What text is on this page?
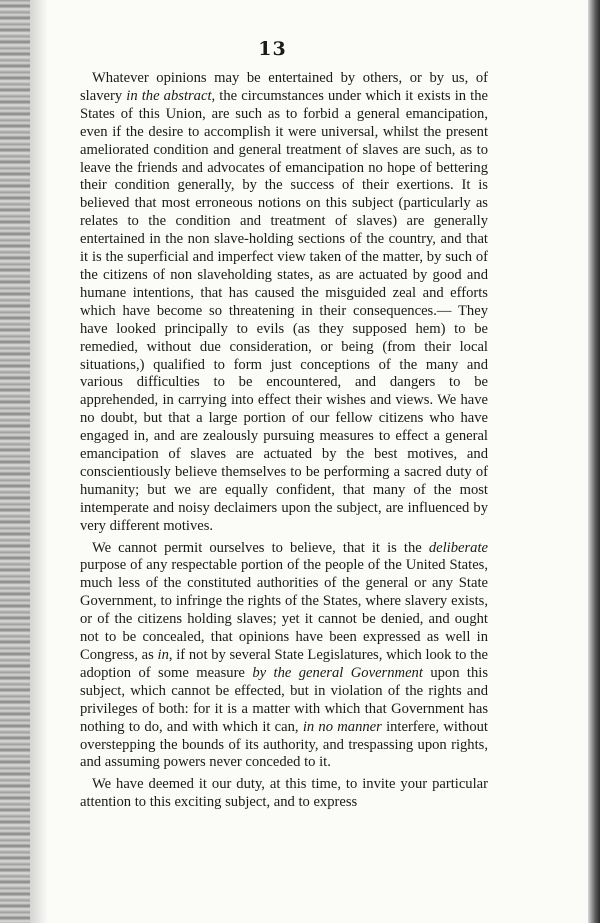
13

Whatever opinions may be entertained by others, or by us, of slavery in the abstract, the circumstances under which it exists in the States of this Union, are such as to forbid a general emancipation, even if the desire to accomplish it were universal, whilst the present ameliorated condition and general treatment of slaves are such, as to leave the friends and advocates of emancipation no hope of bettering their condition generally, by the success of their exertions. It is believed that most erroneous notions on this subject (particularly as relates to the condition and treatment of slaves) are generally entertained in the non slave-holding sections of the country, and that it is the superficial and imperfect view taken of the matter, by such of the citizens of non slaveholding states, as are actuated by good and humane intentions, that has caused the misguided zeal and efforts which have become so threatening in their consequences.— They have looked principally to evils (as they supposed hem) to be remedied, without due consideration, or being (from their local situations,) qualified to form just conceptions of the many and various difficulties to be encountered, and dangers to be apprehended, in carrying into effect their wishes and views. We have no doubt, but that a large portion of our fellow citizens who have engaged in, and are zealously pursuing measures to effect a general emancipation of slaves are actuated by the best motives, and conscientiously believe themselves to be performing a sacred duty of humanity; but we are equally confident, that many of the most intemperate and noisy declaimers upon the subject, are influenced by very different motives.

We cannot permit ourselves to believe, that it is the deliberate purpose of any respectable portion of the people of the United States, much less of the constituted authorities of the general or any State Government, to infringe the rights of the States, where slavery exists, or of the citizens holding slaves; yet it cannot be denied, and ought not to be concealed, that opinions have been expressed as well in Congress, as in, if not by several State Legislatures, which look to the adoption of some measure by the general Government upon this subject, which cannot be effected, but in violation of the rights and privileges of both: for it is a matter with which that Government has nothing to do, and with which it can, in no manner interfere, without overstepping the bounds of its authority, and trespassing upon rights, and assuming powers never conceded to it.

We have deemed it our duty, at this time, to invite your particular attention to this exciting subject, and to express
